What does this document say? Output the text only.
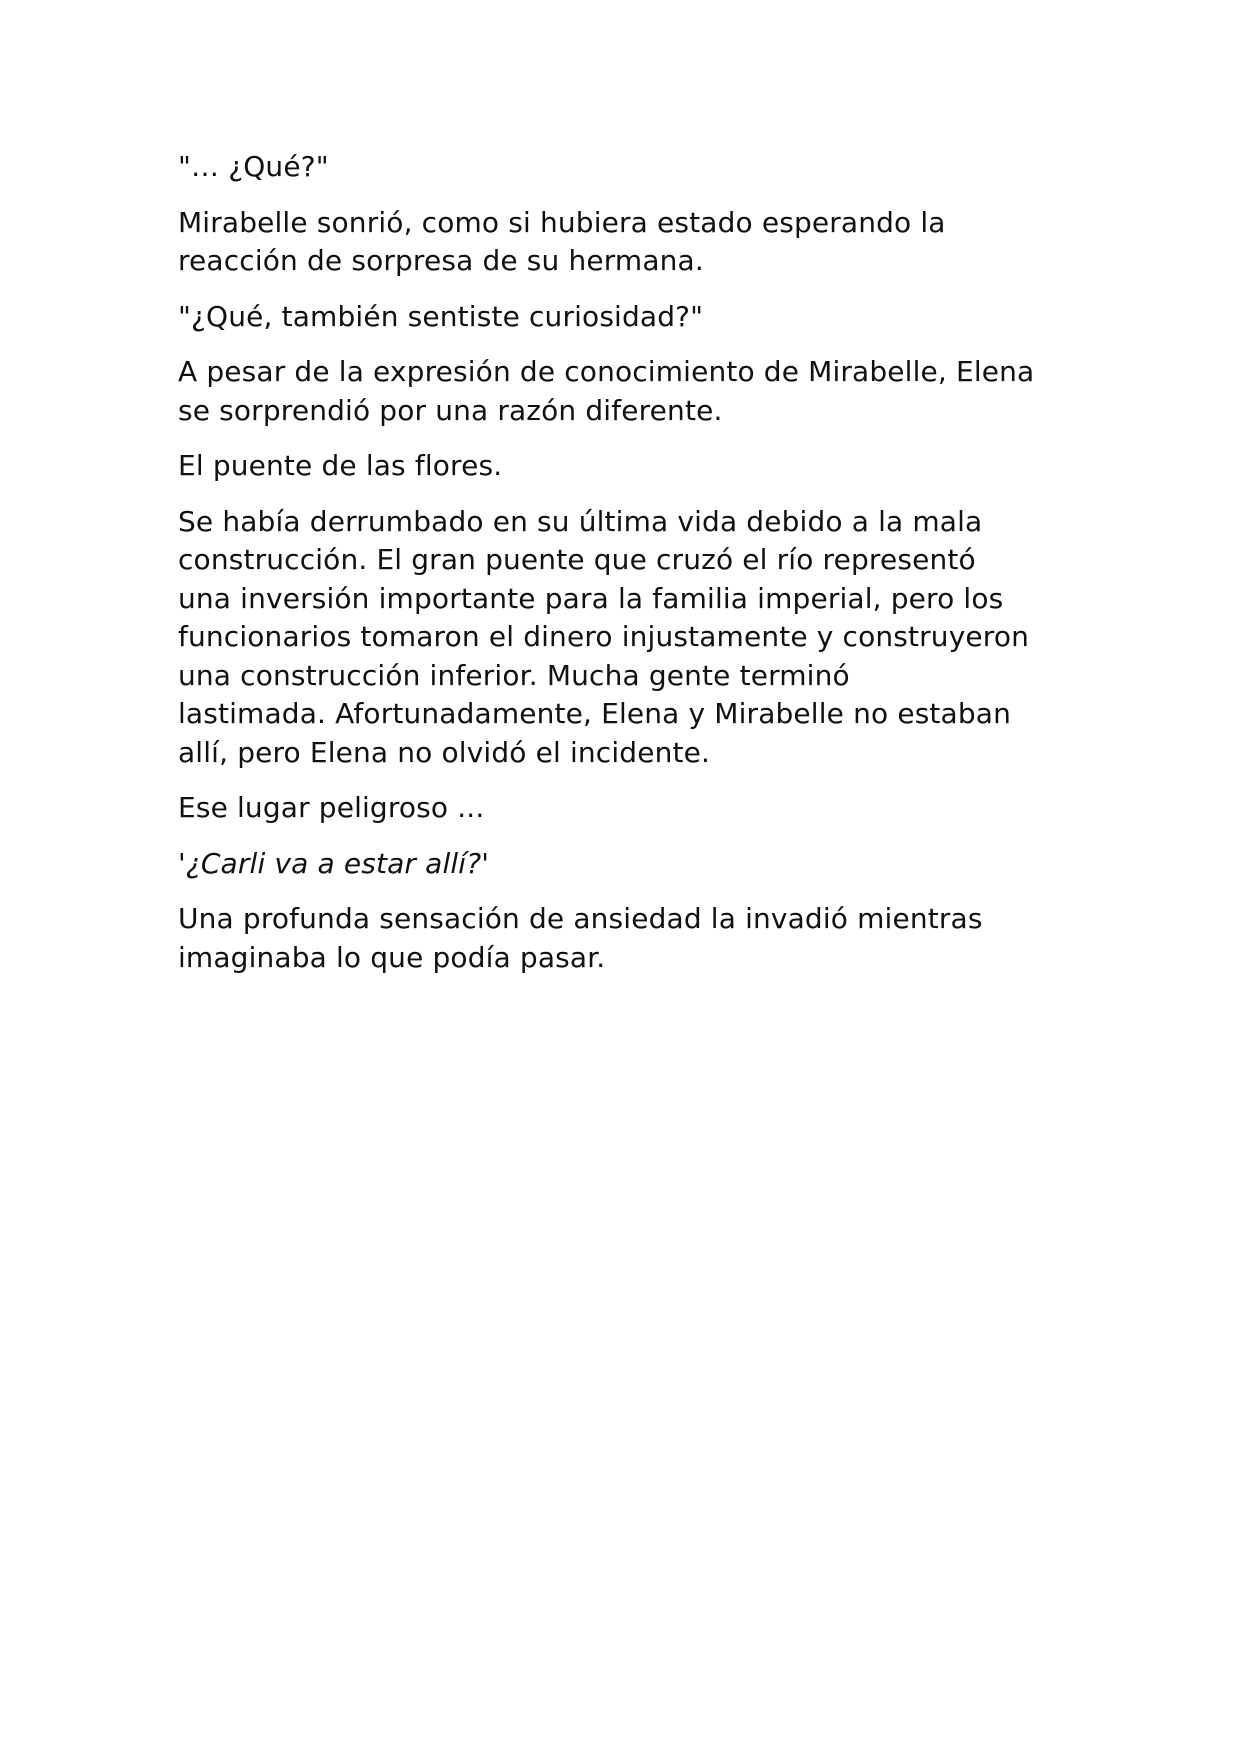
"… ¿Qué?"

Mirabelle sonrió, como si hubiera estado esperando la
reacción de sorpresa de su hermana.

"¿Qué, también sentiste curiosidad?"

A pesar de la expresión de conocimiento de Mirabelle, Elena
se sorprendió por una razón diferente.

El puente de las flores.

Se había derrumbado en su última vida debido a la mala
construcción. El gran puente que cruzó el río representó
una inversión importante para la familia imperial, pero los
funcionarios tomaron el dinero injustamente y construyeron
una construcción inferior. Mucha gente terminó
lastimada. Afortunadamente, Elena y Mirabelle no estaban
allí, pero Elena no olvidó el incidente.

Ese lugar peligroso ...

'¿Carli va a estar allí?'

Una profunda sensación de ansiedad la invadió mientras
imaginaba lo que podía pasar.
